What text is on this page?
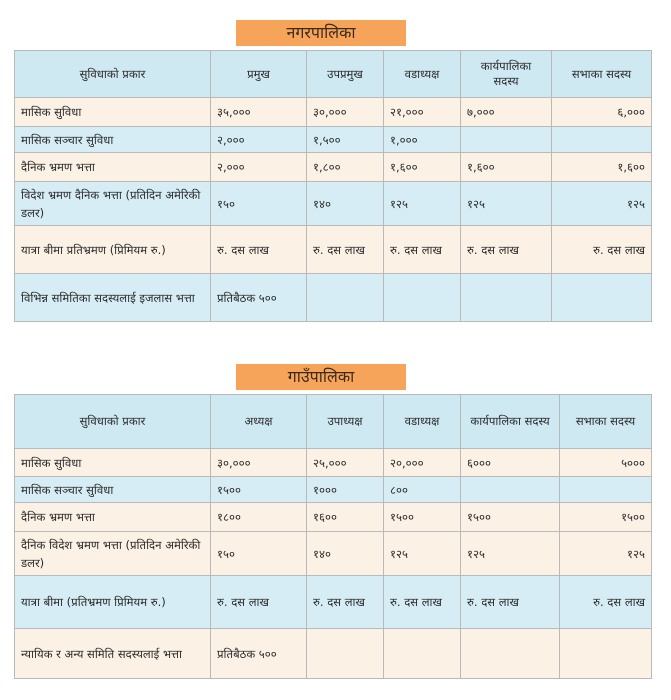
नगरपालिका
सुविधाको प्रकार	प्रमुख	उपप्रमुख	वडाध्यक्ष	कार्यपालिका सदस्य	सभाका सदस्य
मासिक सुविधा	३५,०००	३०,०००	२१,०००	७,०००	६,०००
मासिक सञ्चार सुविधा	२,०००	१,५००	१,०००		
दैनिक भ्रमण भत्ता	२,०००	१,८००	१,६००	१,६००	१,६००
विदेश भ्रमण दैनिक भत्ता (प्रतिदिन अमेरिकी डलर)	१५०	१४०	१२५	१२५	१२५
यात्रा बीमा प्रतिभ्रमण (प्रिमियम रु.)	रु. दस लाख	रु. दस लाख	रु. दस लाख	रु. दस लाख	रु. दस लाख
विभिन्न समितिका सदस्यलाई इजलास भत्ता	प्रतिबैठक ५००				
गाउँपालिका
सुविधाको प्रकार	अध्यक्ष	उपाध्यक्ष	वडाध्यक्ष	कार्यपालिका सदस्य	सभाका सदस्य
मासिक सुविधा	३०,०००	२५,०००	२०,०००	६०००	५०००
मासिक सञ्चार सुविधा	१५००	१०००	८००		
दैनिक भ्रमण भत्ता	१८००	१६००	१५००	१५००	१५००
दैनिक विदेश भ्रमण भत्ता (प्रतिदिन अमेरिकी डलर)	१५०	१४०	१२५	१२५	१२५
यात्रा बीमा (प्रतिभ्रमण प्रिमियम रु.)	रु. दस लाख	रु. दस लाख	रु. दस लाख	रु. दस लाख	रु. दस लाख
न्यायिक र अन्य समिति सदस्यलाई भत्ता	प्रतिबैठक ५००				
